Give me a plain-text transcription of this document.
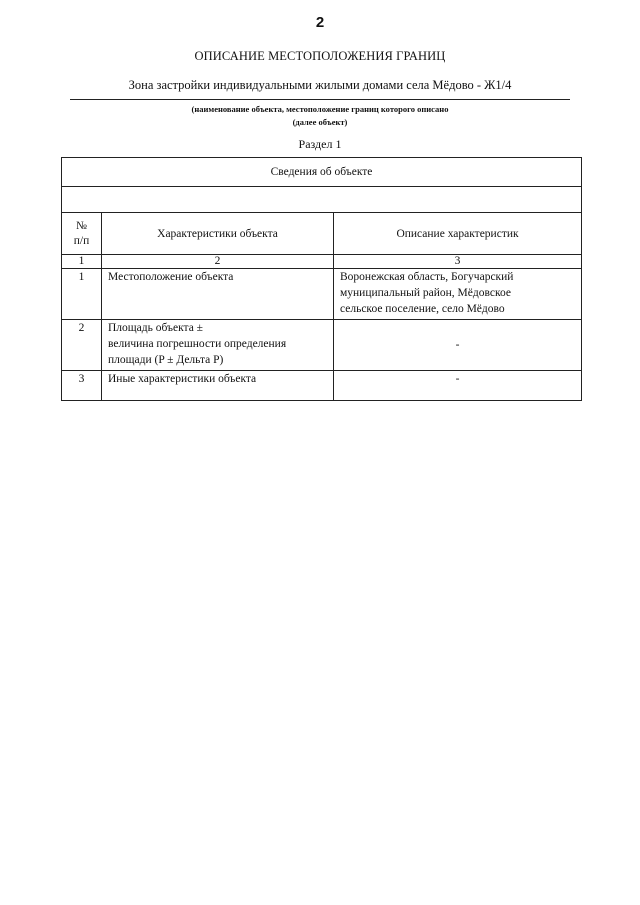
2
ОПИСАНИЕ МЕСТОПОЛОЖЕНИЯ ГРАНИЦ
Зона застройки индивидуальными жилыми домами села Мёдово - Ж1/4
(наименование объекта, местоположение границ которого описано
(далее объект)
Раздел 1
Сведения об объекте		

№
п/п	Характеристики объекта	Описание характеристик
1	2	3
1	Местоположение объекта	Воронежская область, Богучарский
муниципальный район, Мёдовское
сельское поселение, село Мёдово

2	Площадь объекта ±
величина погрешности определения
площади (P ± Дельта P)	-

3	Иные характеристики объекта	-
